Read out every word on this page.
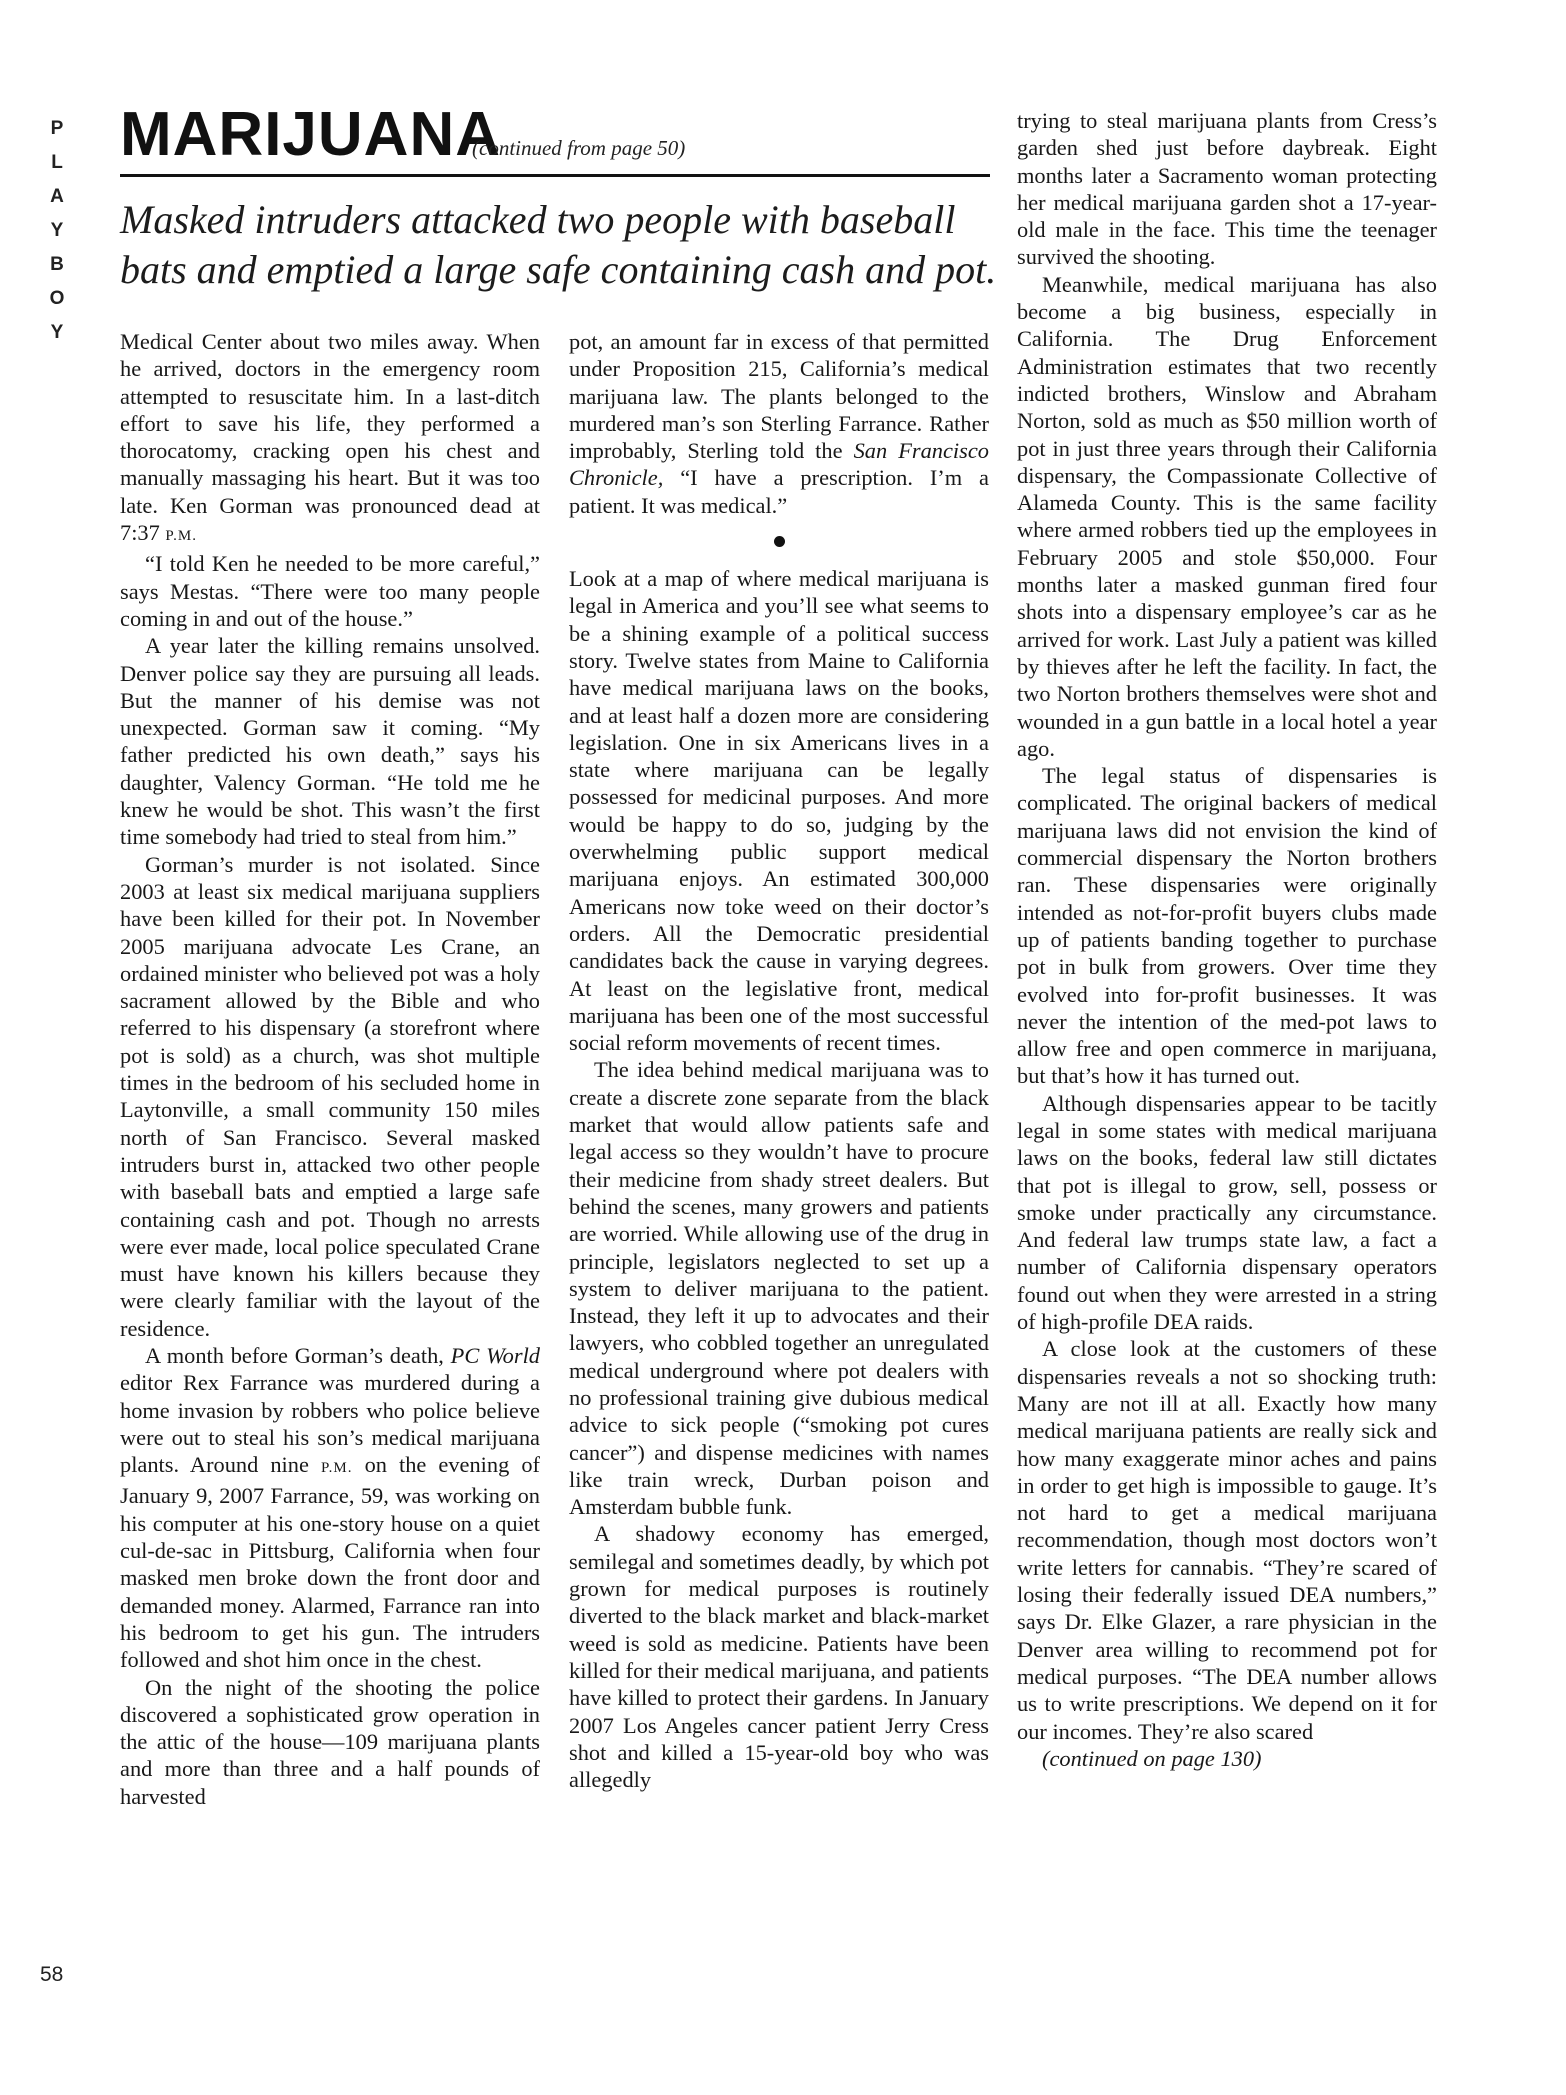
P
L
A
Y
B
O
Y
MARIJUANA
(continued from page 50)
Masked intruders attacked two people with baseball bats and emptied a large safe containing cash and pot.

Medical Center about two miles away. When he arrived, doctors in the emergency room attempted to resuscitate him. In a last-ditch effort to save his life, they performed a thorocatomy, cracking open his chest and manually massaging his heart. But it was too late. Ken Gorman was pronounced dead at 7:37 P.M.

“I told Ken he needed to be more careful,” says Mestas. “There were too many people coming in and out of the house.”

A year later the killing remains unsolved. Denver police say they are pursuing all leads. But the manner of his demise was not unexpected. Gorman saw it coming. “My father predicted his own death,” says his daughter, Valency Gorman. “He told me he knew he would be shot. This wasn’t the first time somebody had tried to steal from him.”

Gorman’s murder is not isolated. Since 2003 at least six medical marijuana suppliers have been killed for their pot. In November 2005 marijuana advocate Les Crane, an ordained minister who believed pot was a holy sacrament allowed by the Bible and who referred to his dispensary (a storefront where pot is sold) as a church, was shot multiple times in the bedroom of his secluded home in Laytonville, a small community 150 miles north of San Francisco. Several masked intruders burst in, attacked two other people with baseball bats and emptied a large safe containing cash and pot. Though no arrests were ever made, local police speculated Crane must have known his killers because they were clearly familiar with the layout of the residence.

A month before Gorman’s death, PC World editor Rex Farrance was murdered during a home invasion by robbers who police believe were out to steal his son’s medical marijuana plants. Around nine P.M. on the evening of January 9, 2007 Farrance, 59, was working on his computer at his one-story house on a quiet cul-de-sac in Pittsburg, California when four masked men broke down the front door and demanded money. Alarmed, Farrance ran into his bedroom to get his gun. The intruders followed and shot him once in the chest.

On the night of the shooting the police discovered a sophisticated grow operation in the attic of the house—109 marijuana plants and more than three and a half pounds of harvested

pot, an amount far in excess of that permitted under Proposition 215, California’s medical marijuana law. The plants belonged to the murdered man’s son Sterling Farrance. Rather improbably, Sterling told the San Francisco Chronicle, “I have a prescription. I’m a patient. It was medical.”

Look at a map of where medical marijuana is legal in America and you’ll see what seems to be a shining example of a political success story. Twelve states from Maine to California have medical marijuana laws on the books, and at least half a dozen more are considering legislation. One in six Americans lives in a state where marijuana can be legally possessed for medicinal purposes. And more would be happy to do so, judging by the overwhelming public support medical marijuana enjoys. An estimated 300,000 Americans now toke weed on their doctor’s orders. All the Democratic presidential candidates back the cause in varying degrees. At least on the legislative front, medical marijuana has been one of the most successful social reform movements of recent times.

The idea behind medical marijuana was to create a discrete zone separate from the black market that would allow patients safe and legal access so they wouldn’t have to procure their medicine from shady street dealers. But behind the scenes, many growers and patients are worried. While allowing use of the drug in principle, legislators neglected to set up a system to deliver marijuana to the patient. Instead, they left it up to advocates and their lawyers, who cobbled together an unregulated medical underground where pot dealers with no professional training give dubious medical advice to sick people (“smoking pot cures cancer”) and dispense medicines with names like train wreck, Durban poison and Amsterdam bubble funk.

A shadowy economy has emerged, semilegal and sometimes deadly, by which pot grown for medical purposes is routinely diverted to the black market and black-market weed is sold as medicine. Patients have been killed for their medical marijuana, and patients have killed to protect their gardens. In January 2007 Los Angeles cancer patient Jerry Cress shot and killed a 15-year-old boy who was allegedly

trying to steal marijuana plants from Cress’s garden shed just before daybreak. Eight months later a Sacramento woman protecting her medical marijuana garden shot a 17-year-old male in the face. This time the teenager survived the shooting.

Meanwhile, medical marijuana has also become a big business, especially in California. The Drug Enforcement Administration estimates that two recently indicted brothers, Winslow and Abraham Norton, sold as much as $50 million worth of pot in just three years through their California dispensary, the Compassionate Collective of Alameda County. This is the same facility where armed robbers tied up the employees in February 2005 and stole $50,000. Four months later a masked gunman fired four shots into a dispensary employee’s car as he arrived for work. Last July a patient was killed by thieves after he left the facility. In fact, the two Norton brothers themselves were shot and wounded in a gun battle in a local hotel a year ago.

The legal status of dispensaries is complicated. The original backers of medical marijuana laws did not envision the kind of commercial dispensary the Norton brothers ran. These dispensaries were originally intended as not-for-profit buyers clubs made up of patients banding together to purchase pot in bulk from growers. Over time they evolved into for-profit businesses. It was never the intention of the med-pot laws to allow free and open commerce in marijuana, but that’s how it has turned out.

Although dispensaries appear to be tacitly legal in some states with medical marijuana laws on the books, federal law still dictates that pot is illegal to grow, sell, possess or smoke under practically any circumstance. And federal law trumps state law, a fact a number of California dispensary operators found out when they were arrested in a string of high-profile DEA raids.

A close look at the customers of these dispensaries reveals a not so shocking truth: Many are not ill at all. Exactly how many medical marijuana patients are really sick and how many exaggerate minor aches and pains in order to get high is impossible to gauge. It’s not hard to get a medical marijuana recommendation, though most doctors won’t write letters for cannabis. “They’re scared of losing their federally issued DEA numbers,” says Dr. Elke Glazer, a rare physician in the Denver area willing to recommend pot for medical purposes. “The DEA number allows us to write prescriptions. We depend on it for our incomes. They’re also scared

(continued on page 130)

58
